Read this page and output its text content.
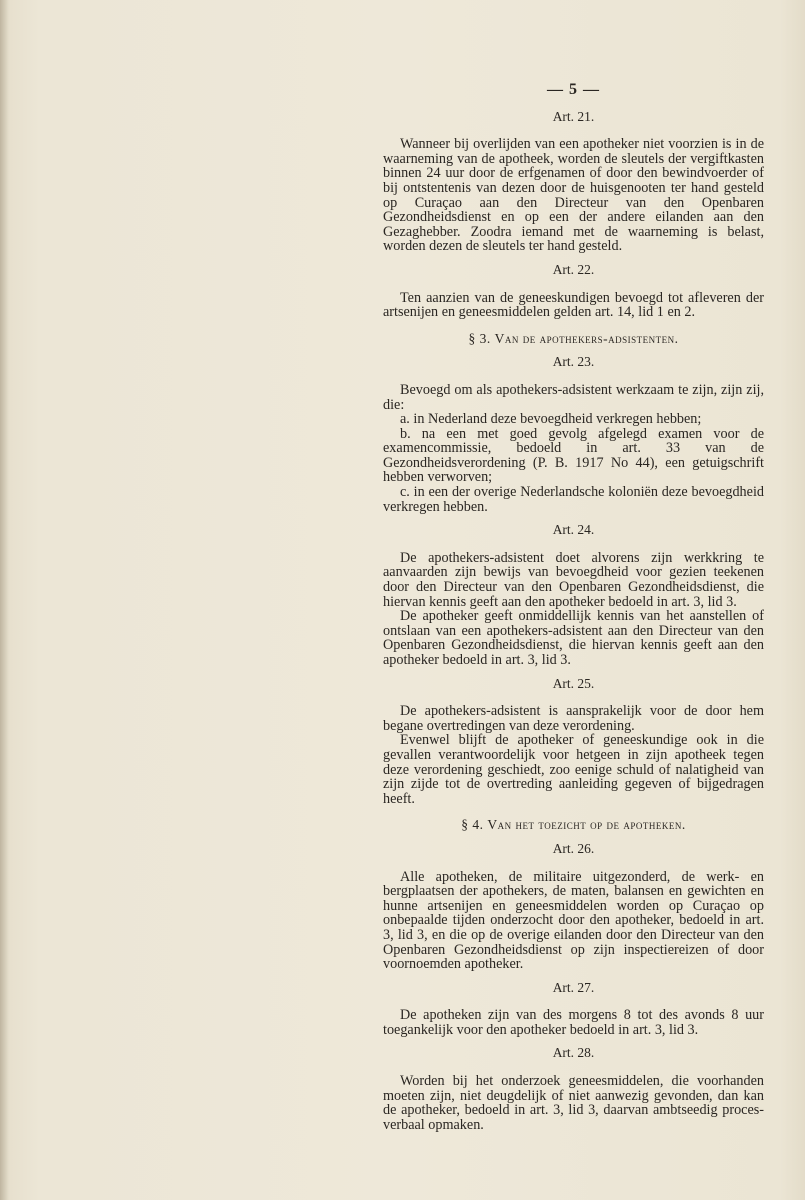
— 5 —
Art. 21.

Wanneer bij overlijden van een apotheker niet voorzien is in de waarneming van de apotheek, worden de sleutels der vergiftkasten binnen 24 uur door de erfgenamen of door den bewindvoerder of bij ontstentenis van dezen door de huisgenooten ter hand gesteld op Curaçao aan den Directeur van den Openbaren Gezondheidsdienst en op een der andere eilanden aan den Gezaghebber. Zoodra iemand met de waarneming is belast, worden dezen de sleutels ter hand gesteld.

Art. 22.

Ten aanzien van de geneeskundigen bevoegd tot afleveren der artsenijen en geneesmiddelen gelden art. 14, lid 1 en 2.

§ 3. Van de apothekers-adsistenten.
Art. 23.

Bevoegd om als apothekers-adsistent werkzaam te zijn, zijn zij, die:

a. in Nederland deze bevoegdheid verkregen hebben;

b. na een met goed gevolg afgelegd examen voor de examencommissie, bedoeld in art. 33 van de Gezondheidsverordening (P. B. 1917 No 44), een getuigschrift hebben verworven;

c. in een der overige Nederlandsche koloniën deze bevoegdheid verkregen hebben.

Art. 24.

De apothekers-adsistent doet alvorens zijn werkkring te aanvaarden zijn bewijs van bevoegdheid voor gezien teekenen door den Directeur van den Openbaren Gezondheidsdienst, die hiervan kennis geeft aan den apotheker bedoeld in art. 3, lid 3.

De apotheker geeft onmiddellijk kennis van het aanstellen of ontslaan van een apothekers-adsistent aan den Directeur van den Openbaren Gezondheidsdienst, die hiervan kennis geeft aan den apotheker bedoeld in art. 3, lid 3.

Art. 25.

De apothekers-adsistent is aansprakelijk voor de door hem begane overtredingen van deze verordening.

Evenwel blijft de apotheker of geneeskundige ook in die gevallen verantwoordelijk voor hetgeen in zijn apotheek tegen deze verordening geschiedt, zoo eenige schuld of nalatigheid van zijn zijde tot de overtreding aanleiding gegeven of bijgedragen heeft.

§ 4. Van het toezicht op de apotheken.
Art. 26.

Alle apotheken, de militaire uitgezonderd, de werk- en bergplaatsen der apothekers, de maten, balansen en gewichten en hunne artsenijen en geneesmiddelen worden op Curaçao op onbepaalde tijden onderzocht door den apotheker, bedoeld in art. 3, lid 3, en die op de overige eilanden door den Directeur van den Openbaren Gezondheidsdienst op zijn inspectiereizen of door voornoemden apotheker.

Art. 27.

De apotheken zijn van des morgens 8 tot des avonds 8 uur toegankelijk voor den apotheker bedoeld in art. 3, lid 3.

Art. 28.

Worden bij het onderzoek geneesmiddelen, die voorhanden moeten zijn, niet deugdelijk of niet aanwezig gevonden, dan kan de apotheker, bedoeld in art. 3, lid 3, daarvan ambtseedig proces-verbaal opmaken.
